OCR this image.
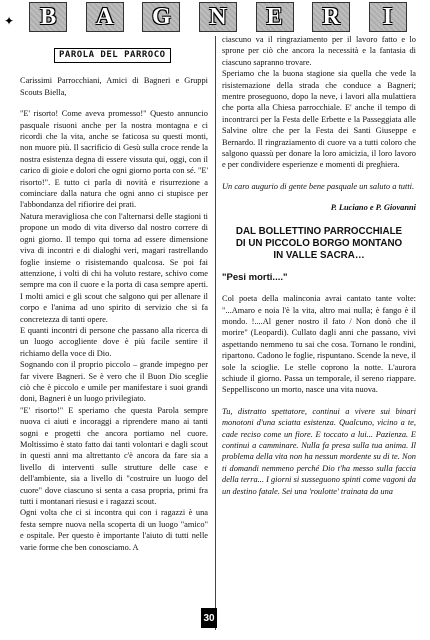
✦	B	A	G	N	E	R	I
PAROLA DEL PARROCO

Carissimi Parrocchiani, Amici di Bagneri e Gruppi Scouts Biella,

"E' risorto! Come aveva promesso!" Questo annuncio pasquale risuoni anche per la nostra montagna e ci ricordi che la vita, anche se faticosa su questi monti, non muore più. Il sacrificio di Gesù sulla croce rende la nostra esistenza degna di essere vissuta qui, oggi, con il carico di gioie e dolori che ogni giorno porta con sé. "E' risorto!". E tutto ci parla di novità e risurrezione a cominciare dalla natura che ogni anno ci stupisce per l'abbondanza del rifiorire dei prati.

Natura meravigliosa che con l'alternarsi delle stagioni ti propone un modo di vita diverso dal nostro correre di ogni giorno. Il tempo qui torna ad essere dimensione viva di incontri e di dialoghi veri, magari rastrellando foglie insieme o risistemando qualcosa. Se poi fai attenzione, i volti di chi ha voluto restare, schivo come sempre ma con il cuore e la porta di casa sempre aperti. I molti amici e gli scout che salgono qui per allenare il corpo e l'anima ad uno spirito di servizio che si fa concretezza di tanti opere.

E quanti incontri di persone che passano alla ricerca di un luogo accogliente dove è più facile sentire il richiamo della voce di Dio.

Sognando con il proprio piccolo – grande impegno per far vivere Bagneri. Se è vero che il Buon Dio sceglie ciò che è piccolo e umile per manifestare i suoi grandi doni, Bagneri è un luogo privilegiato.

"E' risorto!" E speriamo che questa Parola sempre nuova ci aiuti e incoraggi a riprendere mano ai tanti sogni e progetti che ancora portiamo nel cuore. Moltissimo è stato fatto dai tanti volontari e dagli scout in questi anni ma altrettanto c'è ancora da fare sia a livello di interventi sulle strutture delle case e dell'ambiente, sia a livello di "costruire un luogo del cuore" dove ciascuno si senta a casa propria, primi fra tutti i montanari riesusi e i ragazzi scout.

Ogni volta che ci si incontra qui con i ragazzi è una festa sempre nuova nella scoperta di un luogo "amico" e ospitale. Per questo è importante l'aiuto di tutti nelle varie forme che ben conosciamo. A

ciascuno va il ringraziamento per il lavoro fatto e lo sprone per ciò che ancora la necessità e la fantasia di ciascuno sapranno trovare.

Speriamo che la buona stagione sia quella che vede la risistemazione della strada che conduce a Bagneri; mentre proseguono, dopo la neve, i lavori alla mulattiera che porta alla Chiesa parrocchiale. E' anche il tempo di incontrarci per la Festa delle Erbette e la Passeggiata alle Salvine oltre che per la Festa dei Santi Giuseppe e Bernardo. Il ringraziamento di cuore va a tutti coloro che salgono quassù per donare la loro amicizia, il loro lavoro e per condividere esperienze e momenti di preghiera.

Un caro augurio di gente bene pasquale un saluto a tutti.

P. Luciano e P. Giovanni

DAL BOLLETTINO PARROCCHIALE
DI UN PICCOLO BORGO MONTANO
IN VALLE SACRA…

"Pesi morti...."

Col poeta della malinconia avrai cantato tante volte: "...Amaro e noia l'è la vita, altro mai nulla; è fango è il mondo. !....Al gener nostro il fato / Non donò che il morire" (Leopardi). Cullato dagli anni che passano, vivi aspettando nemmeno tu sai che cosa. Tornano le rondini, ripartono. Cadono le foglie, rispuntano. Scende la neve, il sole la scioglie. Le stelle coprono la notte. L'aurora schiude il giorno. Passa un temporale, il sereno riappare. Seppelliscono un morto, nasce una vita nuova.

Tu, distratto spettatore, continui a vivere sui binari monotoni d'una sciatta esistenza. Qualcuno, vicino a te, cade reciso come un fiore. E toccato a lui... Pazienza. E continui a camminare. Nulla fa presa sulla tua anima. Il problema della vita non ha nessun mordente su di te. Non ti domandi nemmeno perché Dio t'ha messo sulla faccia della terra... I giorni si susseguono spinti come vagoni da un destino fatale. Sei una 'roulotte' trainata da una

30
